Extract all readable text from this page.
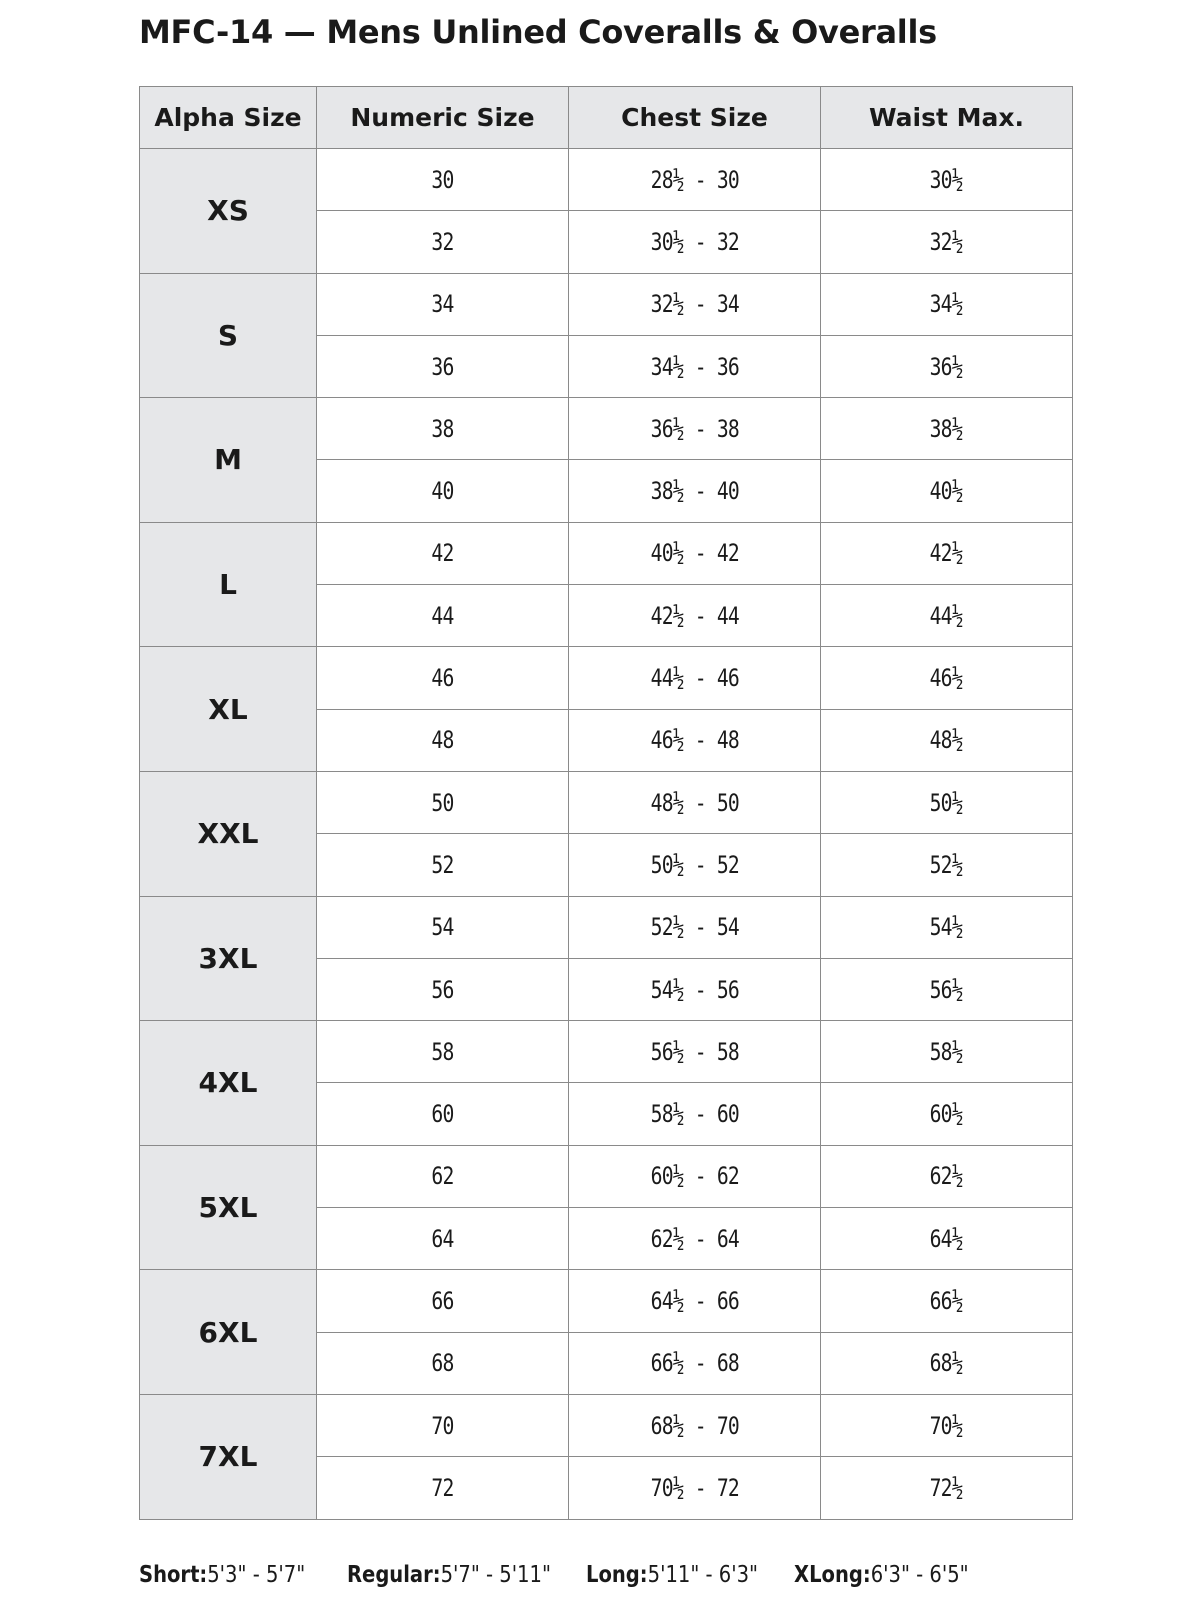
MFC-14 — Mens Unlined Coveralls & Overalls
Alpha Size	Numeric Size	Chest Size	Waist Max.
XS	30	28½ - 30	30½
	32	30½ - 32	32½
S	34	32½ - 34	34½
	36	34½ - 36	36½
M	38	36½ - 38	38½
	40	38½ - 40	40½
L	42	40½ - 42	42½
	44	42½ - 44	44½
XL	46	44½ - 46	46½
	48	46½ - 48	48½
XXL	50	48½ - 50	50½
	52	50½ - 52	52½
3XL	54	52½ - 54	54½
	56	54½ - 56	56½
4XL	58	56½ - 58	58½
	60	58½ - 60	60½
5XL	62	60½ - 62	62½
	64	62½ - 64	64½
6XL	66	64½ - 66	66½
	68	66½ - 68	68½
7XL	70	68½ - 70	70½
	72	70½ - 72	72½
Short:5'3" - 5'7" Regular:5'7" - 5'11" Long:5'11" - 6'3" XLong:6'3" - 6'5"
